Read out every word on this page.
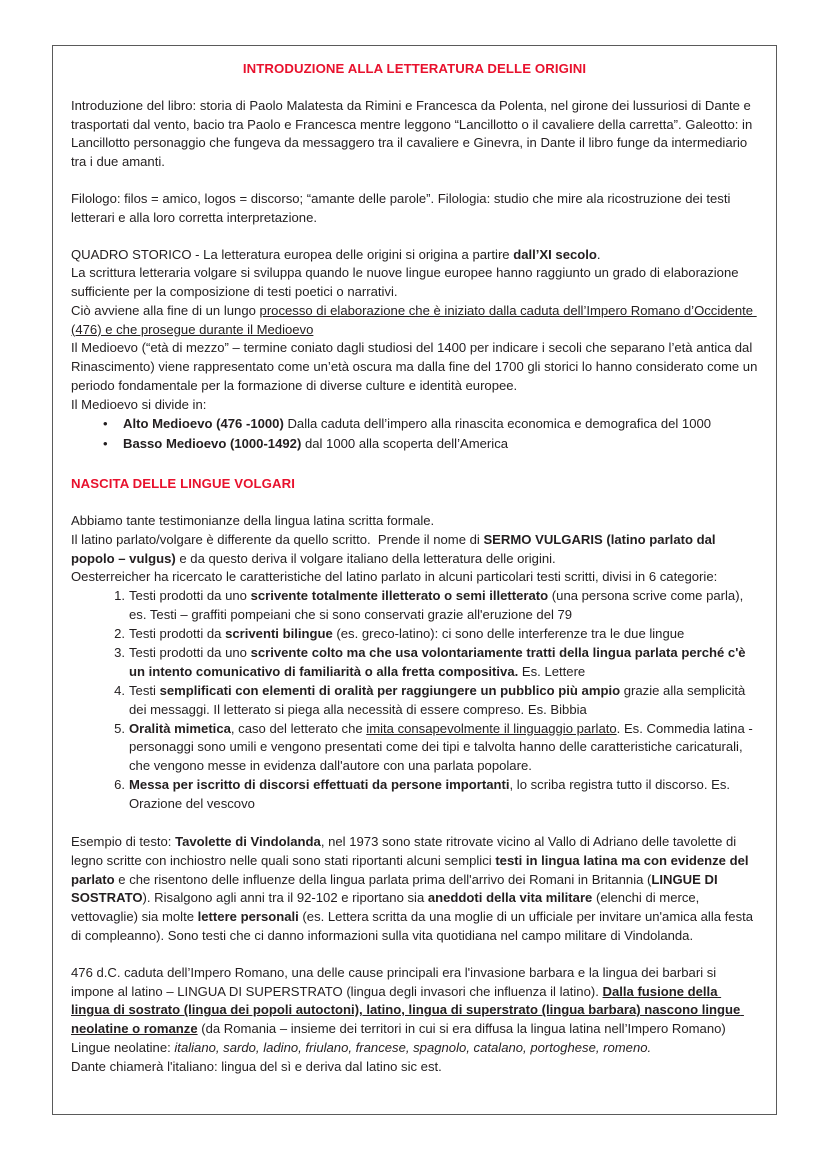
INTRODUZIONE ALLA LETTERATURA DELLE ORIGINI

Introduzione del libro: storia di Paolo Malatesta da Rimini e Francesca da Polenta, nel girone dei lussuriosi di Dante e trasportati dal vento, bacio tra Paolo e Francesca mentre leggono “Lancillotto o il cavaliere della carretta”. Galeotto: in Lancillotto personaggio che fungeva da messaggero tra il cavaliere e Ginevra, in Dante il libro funge da intermediario tra i due amanti.

Filologo: filos = amico, logos = discorso; “amante delle parole”. Filologia: studio che mire ala ricostruzione dei testi letterari e alla loro corretta interpretazione.

QUADRO STORICO - La letteratura europea delle origini si origina a partire dall’XI secolo.

La scrittura letteraria volgare si sviluppa quando le nuove lingue europee hanno raggiunto un grado di elaborazione sufficiente per la composizione di testi poetici o narrativi.

Ciò avviene alla fine di un lungo processo di elaborazione che è iniziato dalla caduta dell’Impero Romano d’Occidente (476) e che prosegue durante il Medioevo

Il Medioevo (“età di mezzo” – termine coniato dagli studiosi del 1400 per indicare i secoli che separano l’età antica dal Rinascimento) viene rappresentato come un’età oscura ma dalla fine del 1700 gli storici lo hanno considerato come un periodo fondamentale per la formazione di diverse culture e identità europee.

Il Medioevo si divide in:

• Alto Medioevo (476 -1000) Dalla caduta dell’impero alla rinascita economica e demografica del 1000
• Basso Medioevo (1000-1492) dal 1000 alla scoperta dell’America
NASCITA DELLE LINGUE VOLGARI

Abbiamo tante testimonianze della lingua latina scritta formale.

Il latino parlato/volgare è differente da quello scritto.  Prende il nome di SERMO VULGARIS (latino parlato dal popolo – vulgus) e da questo deriva il volgare italiano della letteratura delle origini.

Oesterreicher ha ricercato le caratteristiche del latino parlato in alcuni particolari testi scritti, divisi in 6 categorie:

1. Testi prodotti da uno scrivente totalmente illetterato o semi illetterato (una persona scrive come parla), es. Testi – graffiti pompeiani che si sono conservati grazie all'eruzione del 79
2. Testi prodotti da scriventi bilingue (es. greco-latino): ci sono delle interferenze tra le due lingue
3. Testi prodotti da uno scrivente colto ma che usa volontariamente tratti della lingua parlata perché c'è un intento comunicativo di familiarità o alla fretta compositiva. Es. Lettere
4. Testi semplificati con elementi di oralità per raggiungere un pubblico più ampio grazie alla semplicità dei messaggi. Il letterato si piega alla necessità di essere compreso. Es. Bibbia
5. Oralità mimetica, caso del letterato che imita consapevolmente il linguaggio parlato. Es. Commedia latina - personaggi sono umili e vengono presentati come dei tipi e talvolta hanno delle caratteristiche caricaturali, che vengono messe in evidenza dall'autore con una parlata popolare.
6. Messa per iscritto di discorsi effettuati da persone importanti, lo scriba registra tutto il discorso. Es. Orazione del vescovo

Esempio di testo: Tavolette di Vindolanda, nel 1973 sono state ritrovate vicino al Vallo di Adriano delle tavolette di legno scritte con inchiostro nelle quali sono stati riportanti alcuni semplici testi in lingua latina ma con evidenze del parlato e che risentono delle influenze della lingua parlata prima dell'arrivo dei Romani in Britannia (LINGUE DI SOSTRATO). Risalgono agli anni tra il 92-102 e riportano sia aneddoti della vita militare (elenchi di merce, vettovaglie) sia molte lettere personali (es. Lettera scritta da una moglie di un ufficiale per invitare un'amica alla festa di compleanno). Sono testi che ci danno informazioni sulla vita quotidiana nel campo militare di Vindolanda.

476 d.C. caduta dell’Impero Romano, una delle cause principali era l'invasione barbara e la lingua dei barbari si impone al latino – LINGUA DI SUPERSTRATO (lingua degli invasori che influenza il latino). Dalla fusione della lingua di sostrato (lingua dei popoli autoctoni), latino, lingua di superstrato (lingua barbara) nascono lingue neolatine o romanze (da Romania – insieme dei territori in cui si era diffusa la lingua latina nell’Impero Romano) Lingue neolatine: italiano, sardo, ladino, friulano, francese, spagnolo, catalano, portoghese, romeno.

Dante chiamerà l'italiano: lingua del sì e deriva dal latino sic est.
